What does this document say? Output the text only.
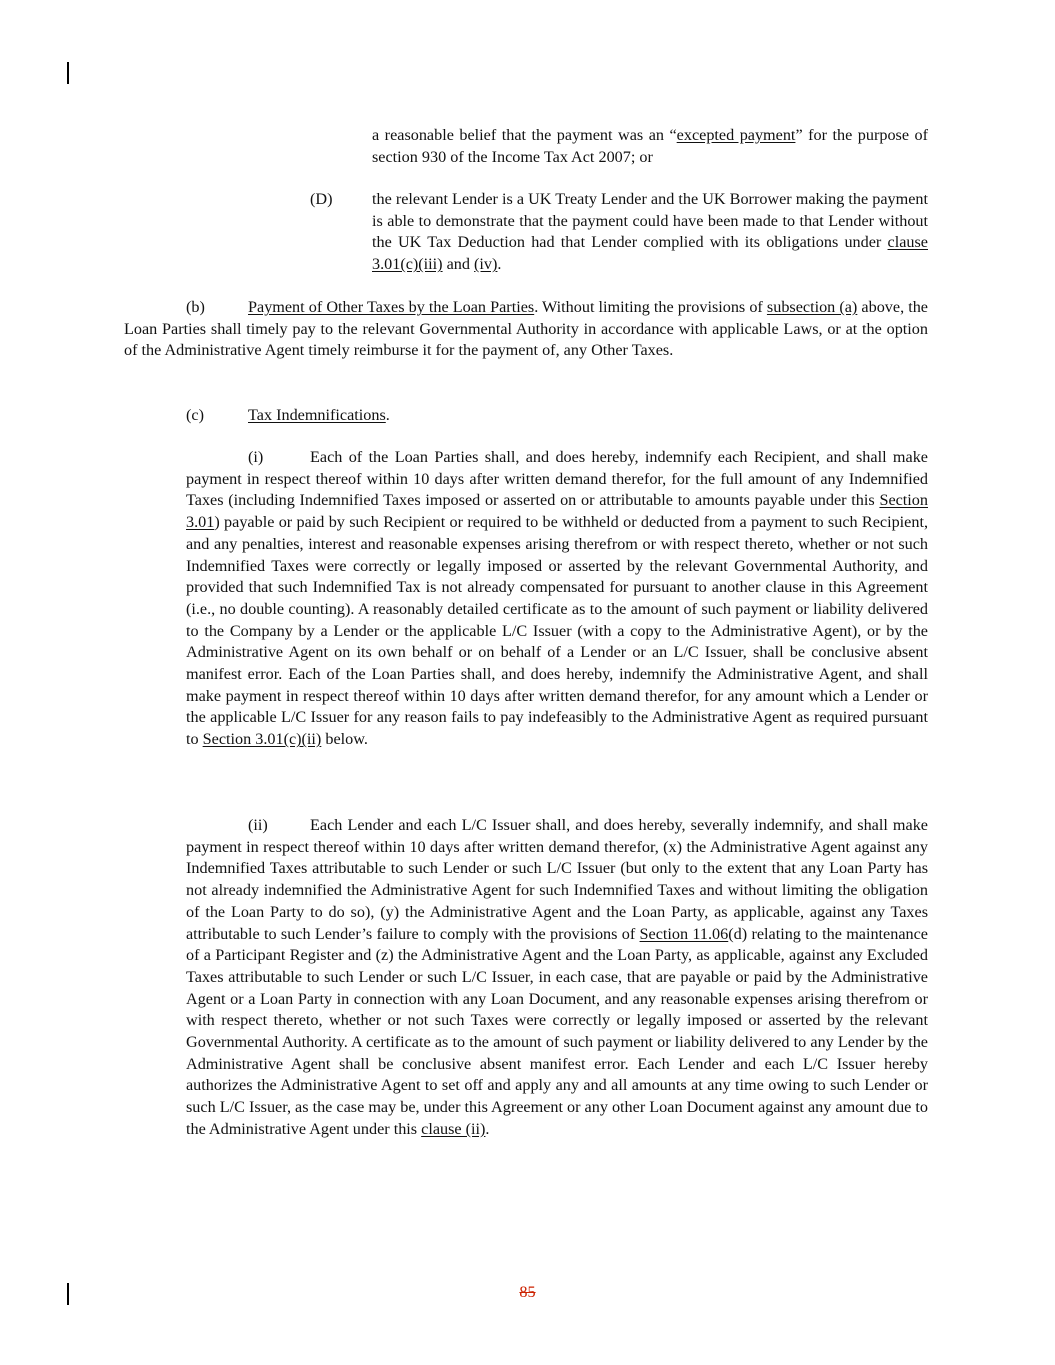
a reasonable belief that the payment was an “excepted payment” for the purpose of section 930 of the Income Tax Act 2007; or
(D) the relevant Lender is a UK Treaty Lender and the UK Borrower making the payment is able to demonstrate that the payment could have been made to that Lender without the UK Tax Deduction had that Lender complied with its obligations under clause 3.01(c)(iii) and (iv).
(b)	Payment of Other Taxes by the Loan Parties. Without limiting the provisions of subsection (a) above, the Loan Parties shall timely pay to the relevant Governmental Authority in accordance with applicable Laws, or at the option of the Administrative Agent timely reimburse it for the payment of, any Other Taxes.
(c)	Tax Indemnifications.
(i)	Each of the Loan Parties shall, and does hereby, indemnify each Recipient, and shall make payment in respect thereof within 10 days after written demand therefor, for the full amount of any Indemnified Taxes (including Indemnified Taxes imposed or asserted on or attributable to amounts payable under this Section 3.01) payable or paid by such Recipient or required to be withheld or deducted from a payment to such Recipient, and any penalties, interest and reasonable expenses arising therefrom or with respect thereto, whether or not such Indemnified Taxes were correctly or legally imposed or asserted by the relevant Governmental Authority, and provided that such Indemnified Tax is not already compensated for pursuant to another clause in this Agreement (i.e., no double counting). A reasonably detailed certificate as to the amount of such payment or liability delivered to the Company by a Lender or the applicable L/C Issuer (with a copy to the Administrative Agent), or by the Administrative Agent on its own behalf or on behalf of a Lender or an L/C Issuer, shall be conclusive absent manifest error. Each of the Loan Parties shall, and does hereby, indemnify the Administrative Agent, and shall make payment in respect thereof within 10 days after written demand therefor, for any amount which a Lender or the applicable L/C Issuer for any reason fails to pay indefeasibly to the Administrative Agent as required pursuant to Section 3.01(c)(ii) below.
(ii)	Each Lender and each L/C Issuer shall, and does hereby, severally indemnify, and shall make payment in respect thereof within 10 days after written demand therefor, (x) the Administrative Agent against any Indemnified Taxes attributable to such Lender or such L/C Issuer (but only to the extent that any Loan Party has not already indemnified the Administrative Agent for such Indemnified Taxes and without limiting the obligation of the Loan Party to do so), (y) the Administrative Agent and the Loan Party, as applicable, against any Taxes attributable to such Lender’s failure to comply with the provisions of Section 11.06(d) relating to the maintenance of a Participant Register and (z) the Administrative Agent and the Loan Party, as applicable, against any Excluded Taxes attributable to such Lender or such L/C Issuer, in each case, that are payable or paid by the Administrative Agent or a Loan Party in connection with any Loan Document, and any reasonable expenses arising therefrom or with respect thereto, whether or not such Taxes were correctly or legally imposed or asserted by the relevant Governmental Authority. A certificate as to the amount of such payment or liability delivered to any Lender by the Administrative Agent shall be conclusive absent manifest error. Each Lender and each L/C Issuer hereby authorizes the Administrative Agent to set off and apply any and all amounts at any time owing to such Lender or such L/C Issuer, as the case may be, under this Agreement or any other Loan Document against any amount due to the Administrative Agent under this clause (ii).
85
